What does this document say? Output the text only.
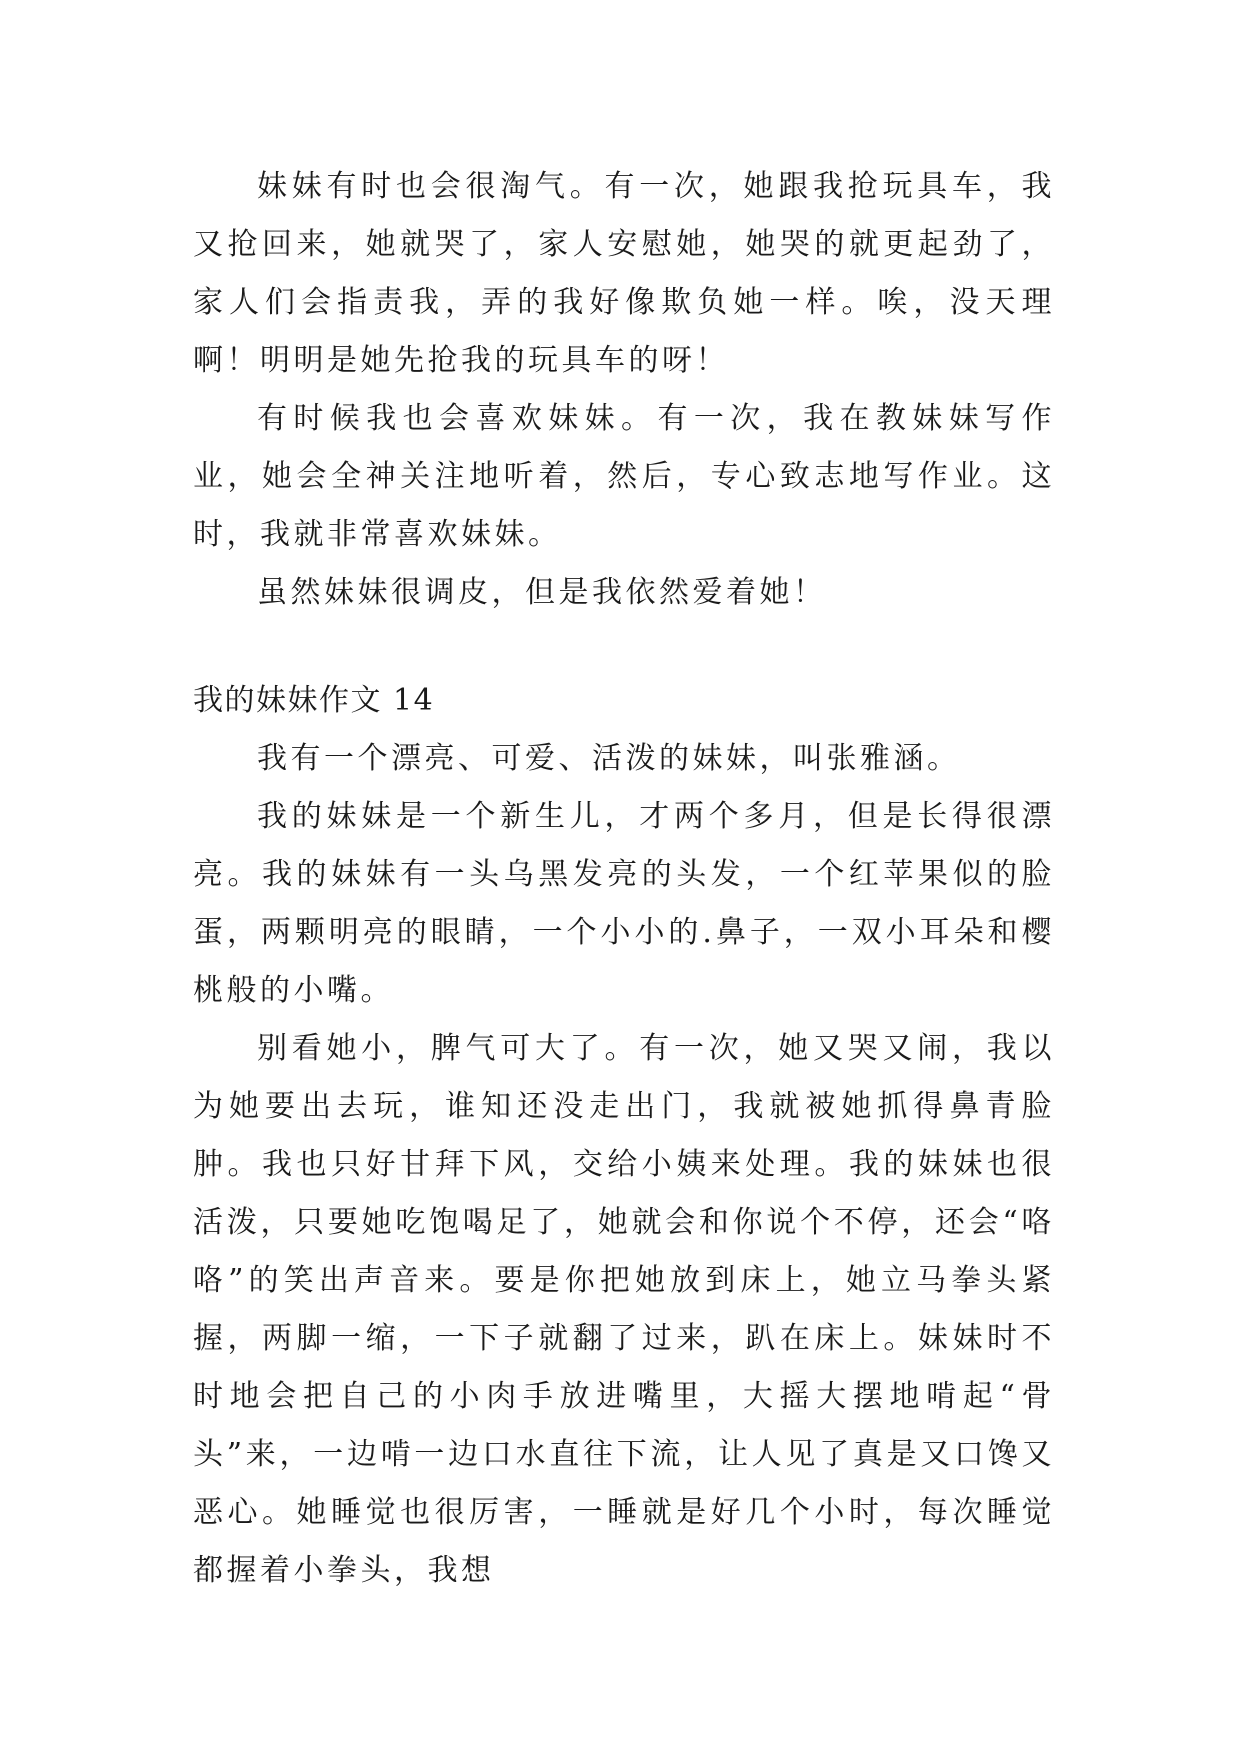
妹妹有时也会很淘气。有一次，她跟我抢玩具车，我又抢回来，她就哭了，家人安慰她，她哭的就更起劲了，家人们会指责我，弄的我好像欺负她一样。唉，没天理啊！明明是她先抢我的玩具车的呀！

有时候我也会喜欢妹妹。有一次，我在教妹妹写作业，她会全神关注地听着，然后，专心致志地写作业。这时，我就非常喜欢妹妹。

虽然妹妹很调皮，但是我依然爱着她！

我的妹妹作文 14

我有一个漂亮、可爱、活泼的妹妹，叫张雅涵。

我的妹妹是一个新生儿，才两个多月，但是长得很漂亮。我的妹妹有一头乌黑发亮的头发，一个红苹果似的脸蛋，两颗明亮的眼睛，一个小小的.鼻子，一双小耳朵和樱桃般的小嘴。

别看她小，脾气可大了。有一次，她又哭又闹，我以为她要出去玩，谁知还没走出门，我就被她抓得鼻青脸肿。我也只好甘拜下风，交给小姨来处理。我的妹妹也很活泼，只要她吃饱喝足了，她就会和你说个不停，还会“咯咯”的笑出声音来。要是你把她放到床上，她立马拳头紧握，两脚一缩，一下子就翻了过来，趴在床上。妹妹时不时地会把自己的小肉手放进嘴里，大摇大摆地啃起“骨头”来，一边啃一边口水直往下流，让人见了真是又口馋又恶心。她睡觉也很厉害，一睡就是好几个小时，每次睡觉都握着小拳头，我想
